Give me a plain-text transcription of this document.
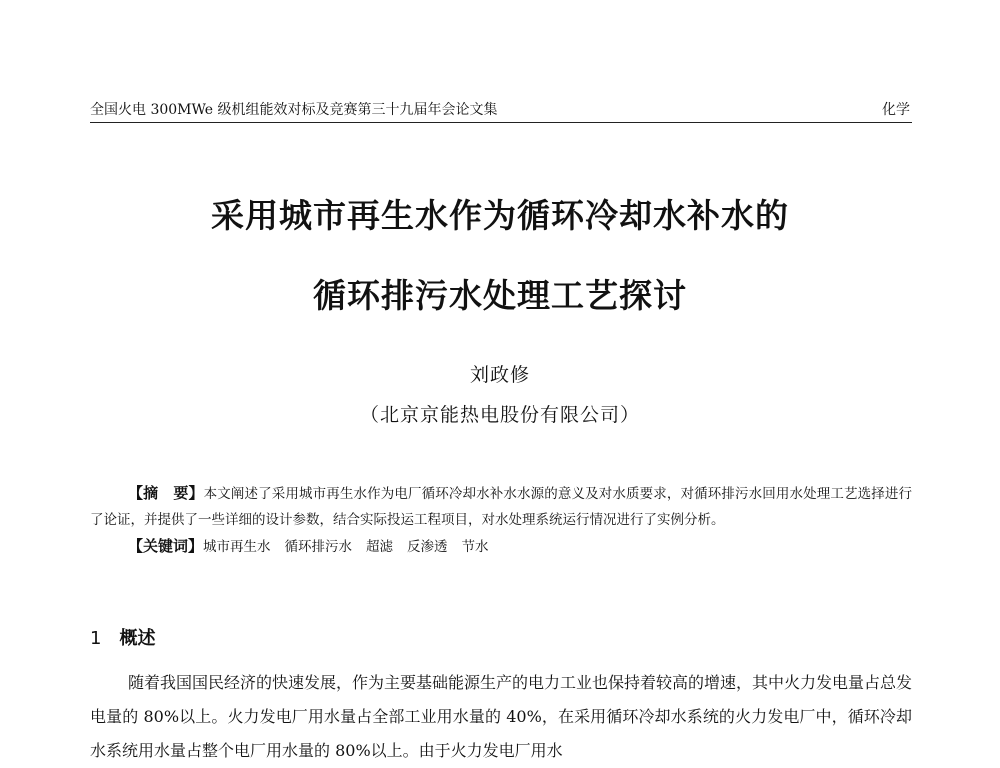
全国火电 300MWe 级机组能效对标及竞赛第三十九届年会论文集	化学
采用城市再生水作为循环冷却水补水的
循环排污水处理工艺探讨
刘政修
（北京京能热电股份有限公司）

【摘　要】本文阐述了采用城市再生水作为电厂循环冷却水补水水源的意义及对水质要求，对循环排污水回用水处理工艺选择进行了论证，并提供了一些详细的设计参数，结合实际投运工程项目，对水处理系统运行情况进行了实例分析。

【关键词】城市再生水 循环排污水 超滤 反渗透 节水

1 概述

随着我国国民经济的快速发展，作为主要基础能源生产的电力工业也保持着较高的增速，其中火力发电量占总发电量的 80%以上。火力发电厂用水量占全部工业用水量的 40%，在采用循环冷却水系统的火力发电厂中，循环冷却水系统用水量占整个电厂用水量的 80%以上。由于火力发电厂用水
